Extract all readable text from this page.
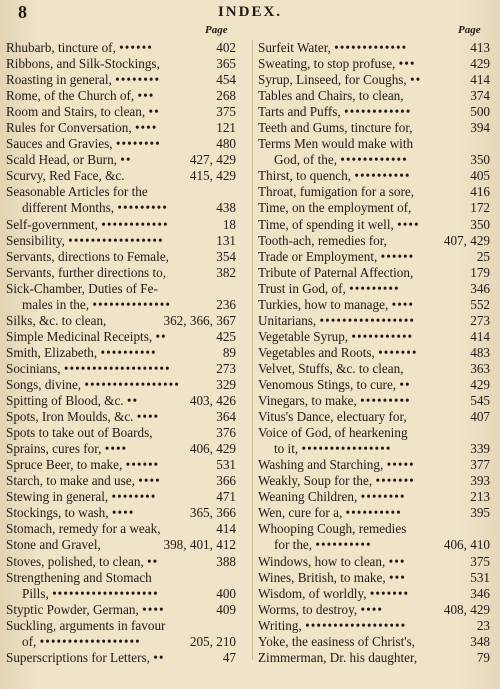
8	INDEX.
Page	Page
402
Rhubarb, tincture of, ••••••
365
Ribbons, and Silk-Stockings,
454
Roasting in general, ••••••••
268
Rome, of the Church of, •••
375
Room and Stairs, to clean, ••
121
Rules for Conversation, ••••
480
Sauces and Gravies, ••••••••
427, 429
Scald Head, or Burn, ••
415, 429
Scurvy, Red Face, &c.
Seasonable Articles for the
438
different Months, •••••••••
18
Self-government, ••••••••••••
131
Sensibility, •••••••••••••••••
354
Servants, directions to Female,
382
Servants, further directions to,
Sick-Chamber, Duties of Fe-
236
males in the, ••••••••••••••
362, 366, 367
Silks, &c. to clean,
425
Simple Medicinal Receipts, ••
89
Smith, Elizabeth, ••••••••••
273
Socinians, •••••••••••••••••••
329
Songs, divine, •••••••••••••••••
403, 426
Spitting of Blood, &c. ••
364
Spots, Iron Moulds, &c. ••••
376
Spots to take out of Boards,
406, 429
Sprains, cures for, ••••
531
Spruce Beer, to make, ••••••
366
Starch, to make and use, ••••
471
Stewing in general, ••••••••
365, 366
Stockings, to wash, ••••
414
Stomach, remedy for a weak,
398, 401, 412
Stone and Gravel,
388
Stoves, polished, to clean, ••
Strengthening and Stomach
400
Pills, •••••••••••••••••••
409
Styptic Powder, German, ••••
Suckling, arguments in favour
205, 210
of, ••••••••••••••••••
47
Superscriptions for Letters, ••
413
Surfeit Water, •••••••••••••
429
Sweating, to stop profuse, •••
414
Syrup, Linseed, for Coughs, ••
374
Tables and Chairs, to clean,
500
Tarts and Puffs, ••••••••••••
394
Teeth and Gums, tincture for,
Terms Men would make with
350
God, of the, ••••••••••••
405
Thirst, to quench, ••••••••••
416
Throat, fumigation for a sore,
172
Time, on the employment of,
350
Time, of spending it well, ••••
407, 429
Tooth-ach, remedies for,
25
Trade or Employment, ••••••
179
Tribute of Paternal Affection,
346
Trust in God, of, •••••••••
552
Turkies, how to manage, ••••
273
Unitarians, •••••••••••••••••
414
Vegetable Syrup, •••••••••••
483
Vegetables and Roots, •••••••
363
Velvet, Stuffs, &c. to clean,
429
Venomous Stings, to cure, ••
545
Vinegars, to make, •••••••••
407
Vitus's Dance, electuary for,
Voice of God, of hearkening
339
to it, ••••••••••••••••
377
Washing and Starching, •••••
393
Weakly, Soup for the, •••••••
213
Weaning Children, ••••••••
395
Wen, cure for a, ••••••••••
Whooping Cough, remedies
406, 410
for the, ••••••••••
375
Windows, how to clean, •••
531
Wines, British, to make, •••
346
Wisdom, of worldly, •••••••
408, 429
Worms, to destroy, ••••
23
Writing, ••••••••••••••••••
348
Yoke, the easiness of Christ's,
79
Zimmerman, Dr. his daughter,
